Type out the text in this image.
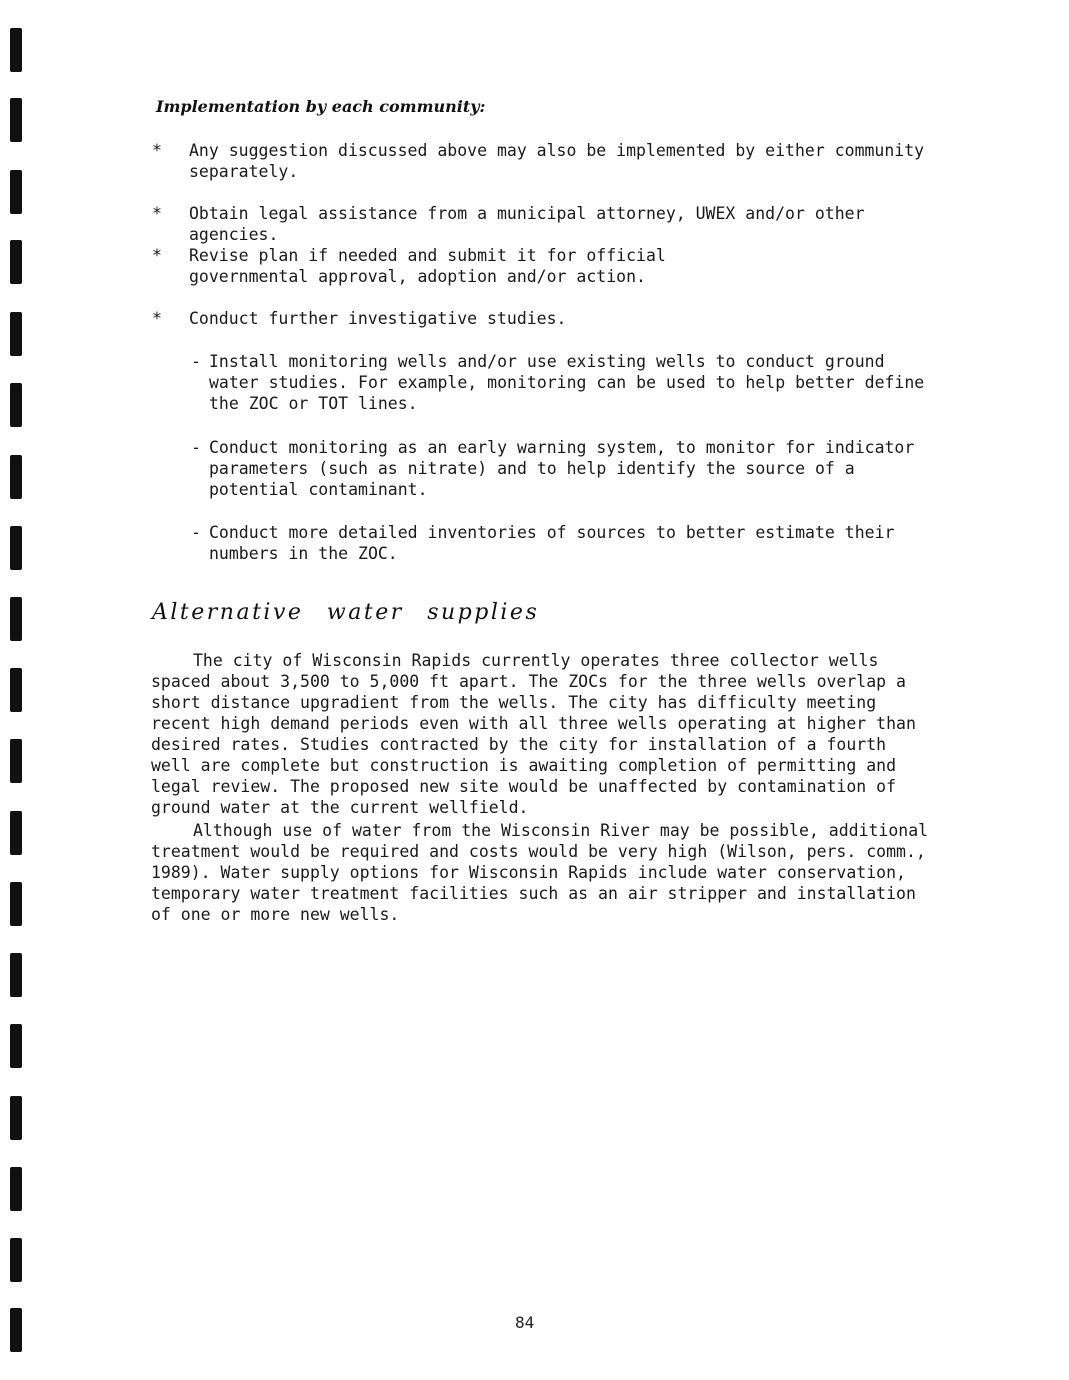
Implementation by each community:
*	Any suggestion discussed above may also be implemented by either community separately.
*	Obtain legal assistance from a municipal attorney, UWEX and/or other agencies.
*	Revise plan if needed and submit it for official governmental approval, adoption and/or action.
*	Conduct further investigative studies.
- Install monitoring wells and/or use existing wells to conduct ground water studies. For example, monitoring can be used to help better define the ZOC or TOT lines.
- Conduct monitoring as an early warning system, to monitor for indicator parameters (such as nitrate) and to help identify the source of a potential contaminant.
- Conduct more detailed inventories of sources to better estimate their numbers in the ZOC.
Alternative water supplies
The city of Wisconsin Rapids currently operates three collector wells spaced about 3,500 to 5,000 ft apart. The ZOCs for the three wells overlap a short distance upgradient from the wells. The city has difficulty meeting recent high demand periods even with all three wells operating at higher than desired rates. Studies contracted by the city for installation of a fourth well are complete but construction is awaiting completion of permitting and legal review. The proposed new site would be unaffected by contamination of ground water at the current wellfield.
Although use of water from the Wisconsin River may be possible, additional treatment would be required and costs would be very high (Wilson, pers. comm., 1989). Water supply options for Wisconsin Rapids include water conservation, temporary water treatment facilities such as an air stripper and installation of one or more new wells.
84
